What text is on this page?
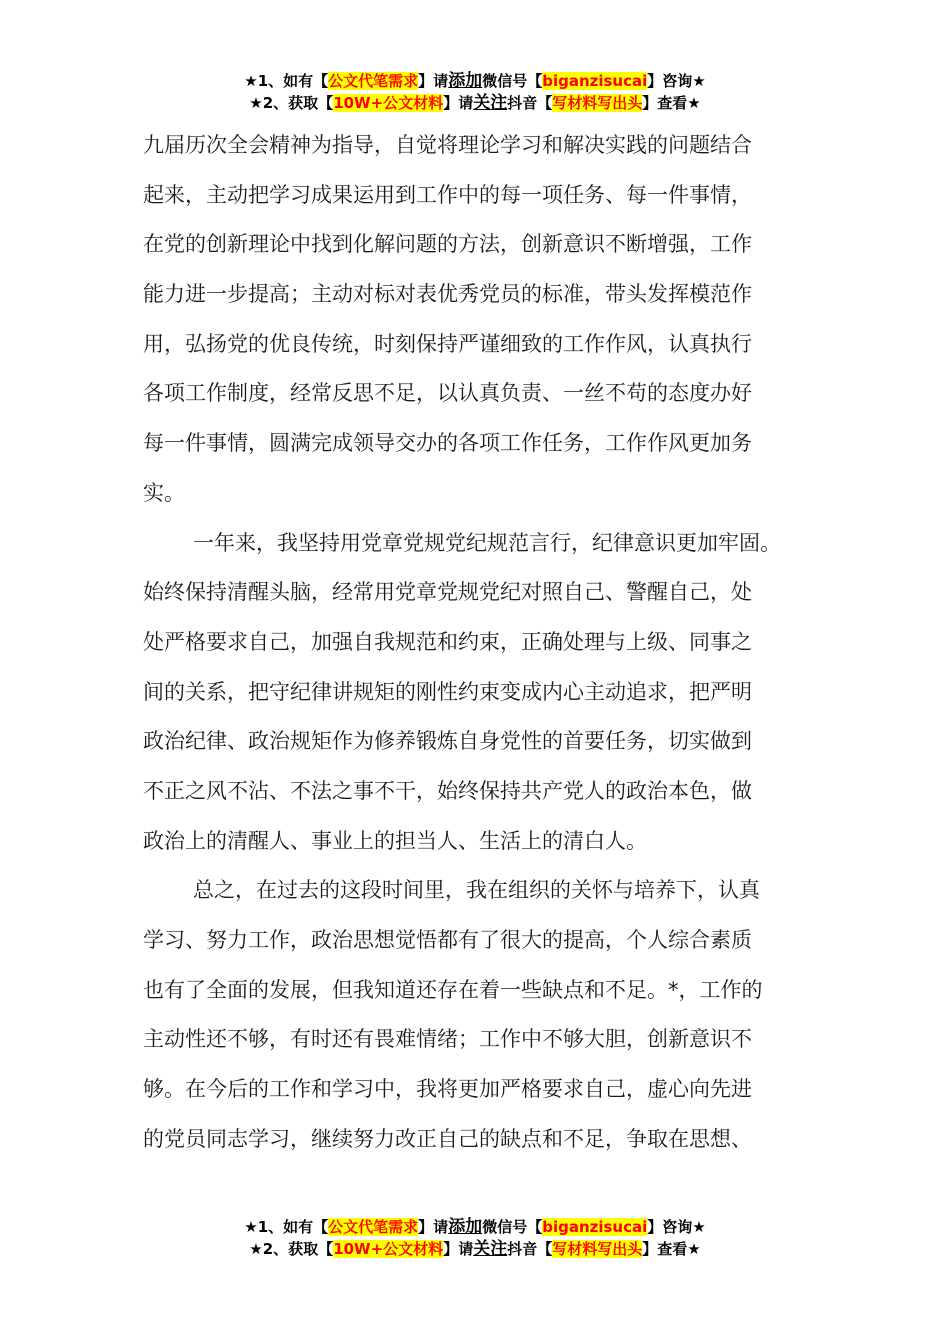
★1、如有【公文代笔需求】请添加微信号【biganzisucai】咨询★
★2、获取【10W+公文材料】请关注抖音【写材料写出头】查看★
九届历次全会精神为指导，自觉将理论学习和解决实践的问题结合
起来，主动把学习成果运用到工作中的每一项任务、每一件事情，
在党的创新理论中找到化解问题的方法，创新意识不断增强，工作
能力进一步提高；主动对标对表优秀党员的标准，带头发挥模范作
用，弘扬党的优良传统，时刻保持严谨细致的工作作风，认真执行
各项工作制度，经常反思不足，以认真负责、一丝不苟的态度办好
每一件事情，圆满完成领导交办的各项工作任务，工作作风更加务
实。
一年来，我坚持用党章党规党纪规范言行，纪律意识更加牢固。
始终保持清醒头脑，经常用党章党规党纪对照自己、警醒自己，处
处严格要求自己，加强自我规范和约束，正确处理与上级、同事之
间的关系，把守纪律讲规矩的刚性约束变成内心主动追求，把严明
政治纪律、政治规矩作为修养锻炼自身党性的首要任务，切实做到
不正之风不沾、不法之事不干，始终保持共产党人的政治本色，做
政治上的清醒人、事业上的担当人、生活上的清白人。
总之，在过去的这段时间里，我在组织的关怀与培养下，认真
学习、努力工作，政治思想觉悟都有了很大的提高，个人综合素质
也有了全面的发展，但我知道还存在着一些缺点和不足。*，工作的
主动性还不够，有时还有畏难情绪；工作中不够大胆，创新意识不
够。在今后的工作和学习中，我将更加严格要求自己，虚心向先进
的党员同志学习，继续努力改正自己的缺点和不足，争取在思想、
★1、如有【公文代笔需求】请添加微信号【biganzisucai】咨询★
★2、获取【10W+公文材料】请关注抖音【写材料写出头】查看★
